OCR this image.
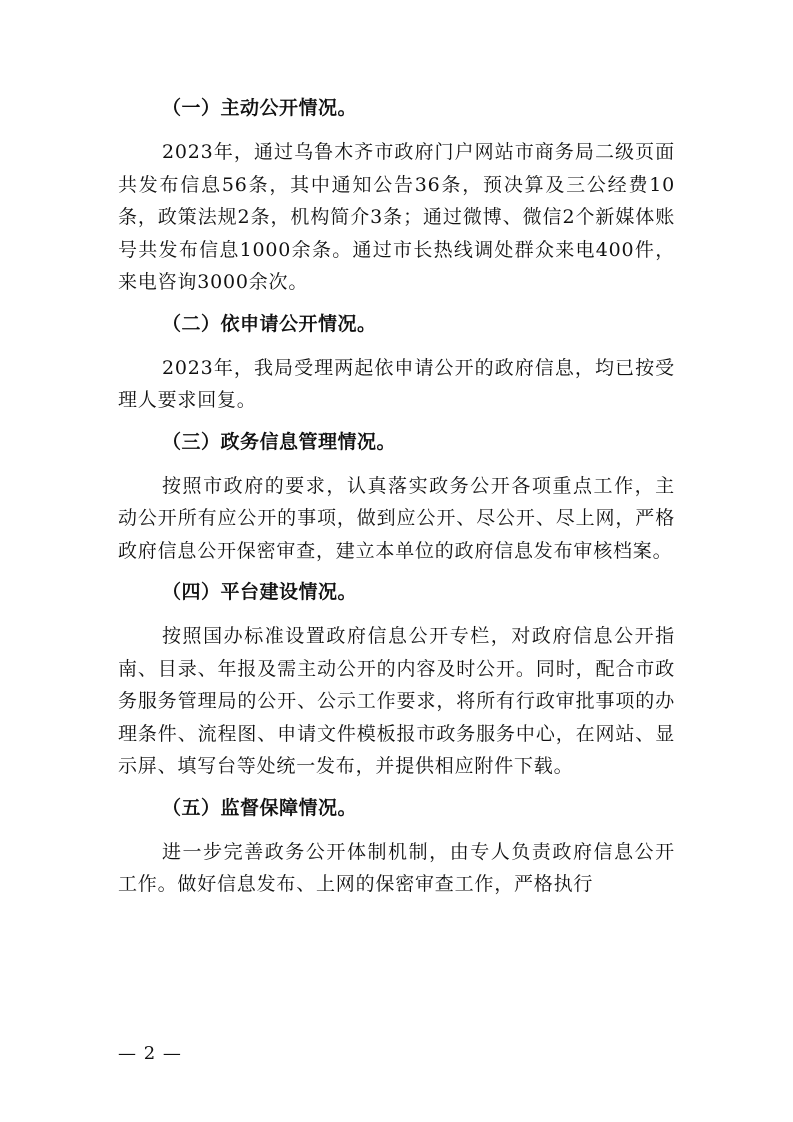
（一）主动公开情况。
2023年，通过乌鲁木齐市政府门户网站市商务局二级页面共发布信息56条，其中通知公告36条，预决算及三公经费10条，政策法规2条，机构简介3条；通过微博、微信2个新媒体账号共发布信息1000余条。通过市长热线调处群众来电400件，来电咨询3000余次。
（二）依申请公开情况。
2023年，我局受理两起依申请公开的政府信息，均已按受理人要求回复。
（三）政务信息管理情况。
按照市政府的要求，认真落实政务公开各项重点工作，主动公开所有应公开的事项，做到应公开、尽公开、尽上网，严格政府信息公开保密审查，建立本单位的政府信息发布审核档案。
（四）平台建设情况。
按照国办标准设置政府信息公开专栏，对政府信息公开指南、目录、年报及需主动公开的内容及时公开。同时，配合市政务服务管理局的公开、公示工作要求，将所有行政审批事项的办理条件、流程图、申请文件模板报市政务服务中心，在网站、显示屏、填写台等处统一发布，并提供相应附件下载。
（五）监督保障情况。
进一步完善政务公开体制机制，由专人负责政府信息公开工作。做好信息发布、上网的保密审查工作，严格执行
— 2 —
